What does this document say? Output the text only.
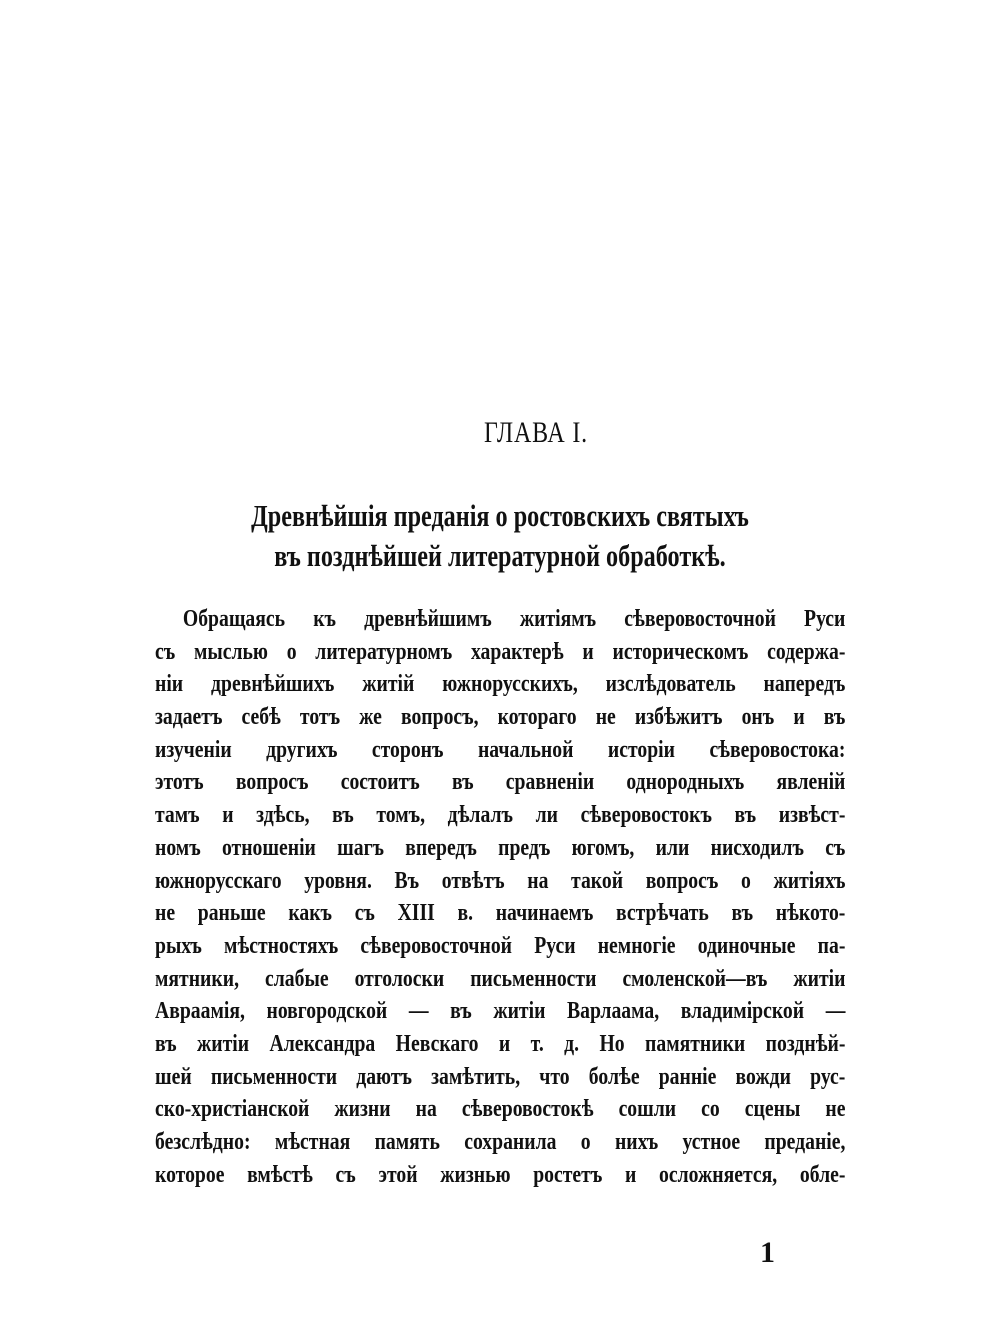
ГЛАВА I.
Древнѣйшія преданія о ростовскихъ святыхъ
въ позднѣйшей литературной обработкѣ.
Обращаясь къ древнѣйшимъ житіямъ сѣверовосточной Руси
съ мыслью о литературномъ характерѣ и историческомъ содержа-
ніи древнѣйшихъ житій южнорусскихъ, изслѣдователь напередъ
задаетъ себѣ тотъ же вопросъ, котораго не избѣжитъ онъ и въ
изученіи другихъ сторонъ начальной исторіи сѣверовостока:
этотъ вопросъ состоитъ въ сравненіи однородныхъ явленій
тамъ и здѣсь, въ томъ, дѣлалъ ли сѣверовостокъ въ извѣст-
номъ отношеніи шагъ впередъ предъ югомъ, или нисходилъ съ
южнорусскаго уровня. Въ отвѣтъ на такой вопросъ о житіяхъ
не раньше какъ съ XIII в. начинаемъ встрѣчать въ нѣкото-
рыхъ мѣстностяхъ сѣверовосточной Руси немногіе одиночные па-
мятники, слабые отголоски письменности смоленской—въ житіи
Авраамія, новгородской — въ житіи Варлаама, владимірской —
въ житіи Александра Невскаго и т. д. Но памятники позднѣй-
шей письменности даютъ замѣтить, что болѣе ранніе вожди рус-
ско-христіанской жизни на сѣверовостокѣ сошли со сцены не
безслѣдно: мѣстная память сохранила о нихъ устное преданіе,
которое вмѣстѣ съ этой жизнью ростетъ и осложняется, обле-
1
